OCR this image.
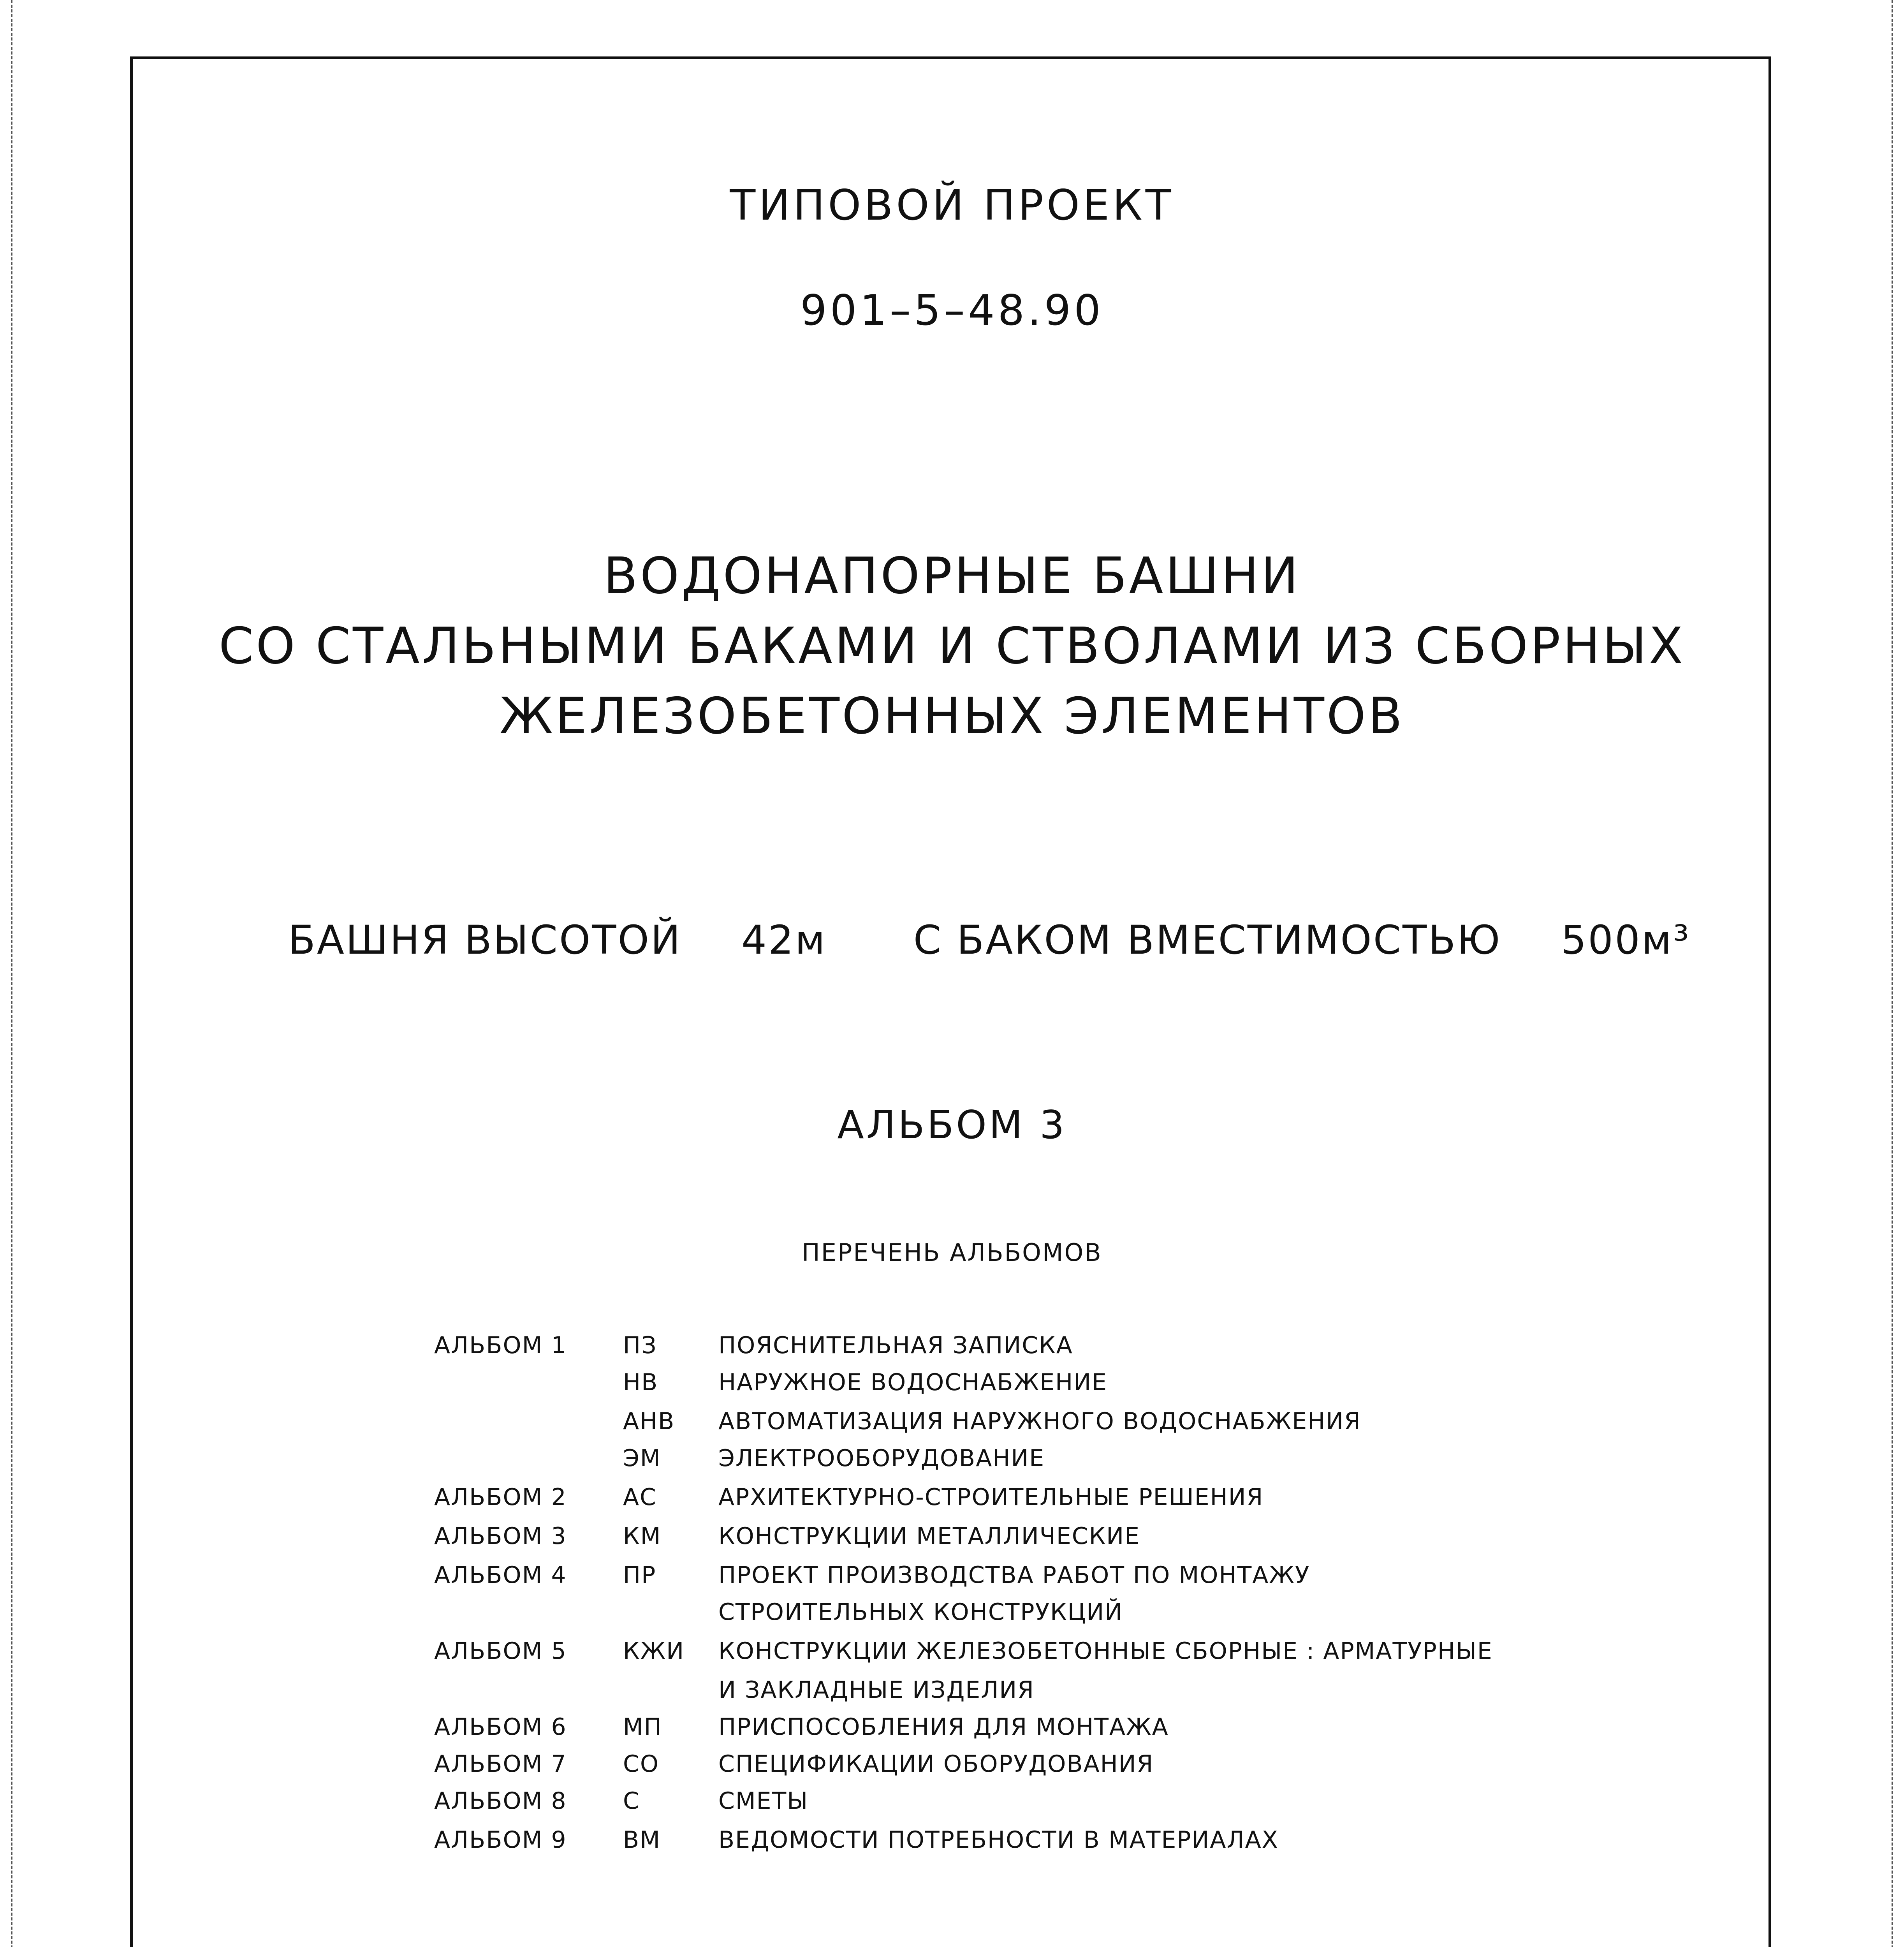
ТИПОВОЙ ПРОЕКТ
901–5–48.90
ВОДОНАПОРНЫЕ БАШНИ
СО СТАЛЬНЫМИ БАКАМИ И СТВОЛАМИ ИЗ СБОРНЫХ
ЖЕЛЕЗОБЕТОННЫХ ЭЛЕМЕНТОВ
БАШНЯ ВЫСОТОЙ 42м С БАКОМ ВМЕСТИМОСТЬЮ 500м³
АЛЬБОМ 3
ПЕРЕЧЕНЬ АЛЬБОМОВ
АЛЬБОМ 1 ПЗ	ПОЯСНИТЕЛЬНАЯ ЗАПИСКА
НВ	НАРУЖНОЕ ВОДОСНАБЖЕНИЕ
АНВ АВТОМАТИЗАЦИЯ НАРУЖНОГО ВОДОСНАБЖЕНИЯ
ЭМ ЭЛЕКТРООБОРУДОВАНИЕ
АЛЬБОМ 2 АС	АРХИТЕКТУРНО-СТРОИТЕЛЬНЫЕ РЕШЕНИЯ
АЛЬБОМ 3 КМ КОНСТРУКЦИИ МЕТАЛЛИЧЕСКИЕ
АЛЬБОМ 4 ПР	ПРОЕКТ ПРОИЗВОДСТВА РАБОТ ПО МОНТАЖУ
СТРОИТЕЛЬНЫХ КОНСТРУКЦИЙ
АЛЬБОМ 5 КЖИ КОНСТРУКЦИИ ЖЕЛЕЗОБЕТОННЫЕ СБОРНЫЕ : АРМАТУРНЫЕ
И ЗАКЛАДНЫЕ ИЗДЕЛИЯ
АЛЬБОМ 6 МП ПРИСПОСОБЛЕНИЯ ДЛЯ МОНТАЖА
АЛЬБОМ 7 СО	СПЕЦИФИКАЦИИ ОБОРУДОВАНИЯ
АЛЬБОМ 8 С	СМЕТЫ
АЛЬБОМ 9 ВМ ВЕДОМОСТИ ПОТРЕБНОСТИ В МАТЕРИАЛАХ
